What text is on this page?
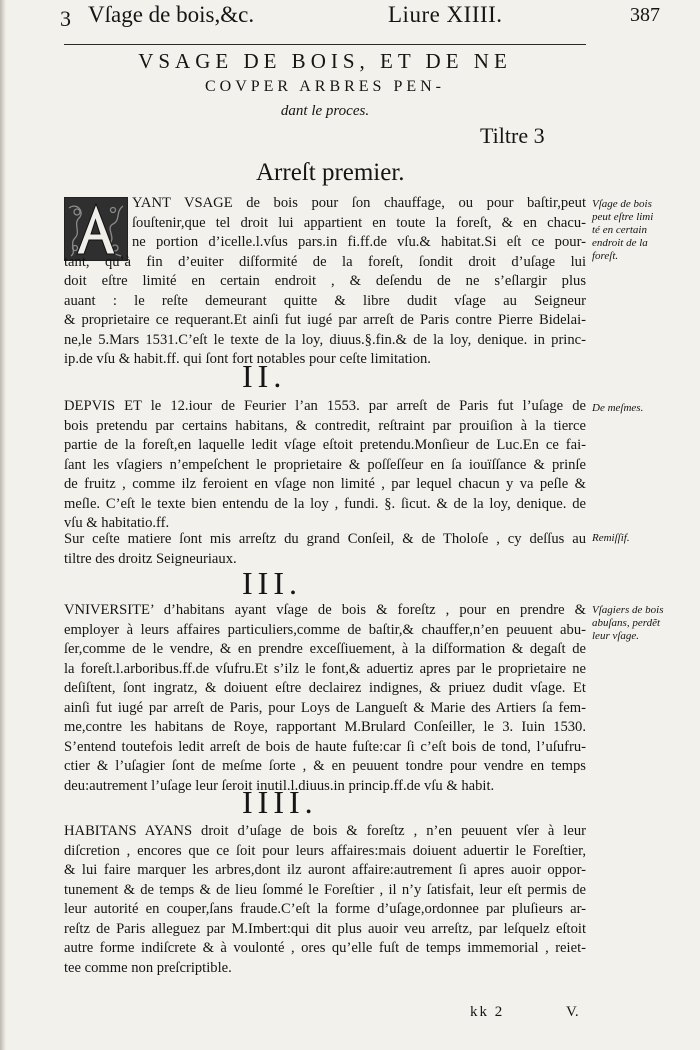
3 Vſage de bois,&c.	Liure XIIII.	387
VSAGE DE BOIS, ET DE NE
COVPER ARBRES PEN-
dant le proces.
Tiltre 3
Arreſt premier.
YANT VSAGE de bois pour ſon chauffage, ou pour baſtir,peut
ſouſtenir,que tel droit lui appartient en toute la foreſt, & en chacu-
ne portion d’icelle.l.vſus pars.in fi.ff.de vſu.& habitat.Si eſt ce pour-
tant, qu’à fin d’euiter diſformité de la foreſt, ſondit droit d’uſage lui
doit eſtre limité en certain endroit , & deſendu de ne s’eſlargir plus
auant : le reſte demeurant quitte & libre dudit vſage au Seigneur
& proprietaire ce requerant.Et ainſi fut iugé par arreſt de Paris contre Pierre Bidelai-
ne,le 5.Mars 1531.C’eſt le texte de la loy, diuus.§.fin.& de la loy, denique. in princ-
ip.de vſu & habit.ff. qui ſont fort notables pour ceſte limitation.
II.
DEPVIS ET le 12.iour de Feurier l’an 1553. par arreſt de Paris fut l’uſage de
bois pretendu par certains habitans, & contredit, reſtraint par prouiſion à la tierce
partie de la foreſt,en laquelle ledit vſage eſtoit pretendu.Monſieur de Luc.En ce fai-
ſant les vſagiers n’empeſchent le proprietaire & poſſeſſeur en ſa iouïſſance & prinſe
de fruitz , comme ilz feroient en vſage non limité , par lequel chacun y va peſle &
meſle. C’eſt le texte bien entendu de la loy , fundi. §. ſicut. & de la loy, denique. de
vſu & habitatio.ff.
Sur ceſte matiere ſont mis arreſtz du grand Conſeil, & de Tholoſe , cy deſſus au
tiltre des droitz Seigneuriaux.
III.
VNIVERSITE’ d’habitans ayant vſage de bois & foreſtz , pour en prendre &
employer à leurs affaires particuliers,comme de baſtir,& chauffer,n’en peuuent abu-
ſer,comme de le vendre, & en prendre exceſſiuement, à la diſformation & degaſt de
la foreſt.l.arboribus.ff.de vſufru.Et s’ilz le font,& aduertiz apres par le proprietaire ne
deſiſtent, ſont ingratz, & doiuent eſtre declairez indignes, & priuez dudit vſage. Et
ainſi fut iugé par arreſt de Paris, pour Loys de Langueſt & Marie des Artiers ſa fem-
me,contre les habitans de Roye, rapportant M.Brulard Conſeiller, le 3. Iuin 1530.
S’entend toutefois ledit arreſt de bois de haute fuſte:car ſi c’eſt bois de tond, l’uſufru-
ctier & l’uſagier ſont de meſme ſorte , & en peuuent tondre pour vendre en temps
deu:autrement l’uſage leur ſeroit inutil.l.diuus.in princip.ff.de vſu & habit.
IIII.
HABITANS AYANS droit d’uſage de bois & foreſtz , n’en peuuent vſer à leur
diſcretion , encores que ce ſoit pour leurs affaires:mais doiuent aduertir le Foreſtier,
& lui faire marquer les arbres,dont ilz auront affaire:autrement ſi apres auoir oppor-
tunement & de temps & de lieu ſommé le Foreſtier , il n’y ſatisfait, leur eſt permis de
leur autorité en couper,ſans fraude.C’eſt la forme d’uſage,ordonnee par pluſieurs ar-
reſtz de Paris alleguez par M.Imbert:qui dit plus auoir veu arreſtz, par leſquelz eſtoit
autre forme indiſcrete & à voulonté , ores qu’elle fuſt de temps immemorial , reiet-
tee comme non preſcriptible.
Vſage de bois
peut eſtre limi
té en certain
endroit de la
foreſt.
De meſmes.
Remiſſif.
Vſagiers de bois
abuſans, perdẽt
leur vſage.
kk 2	V.
